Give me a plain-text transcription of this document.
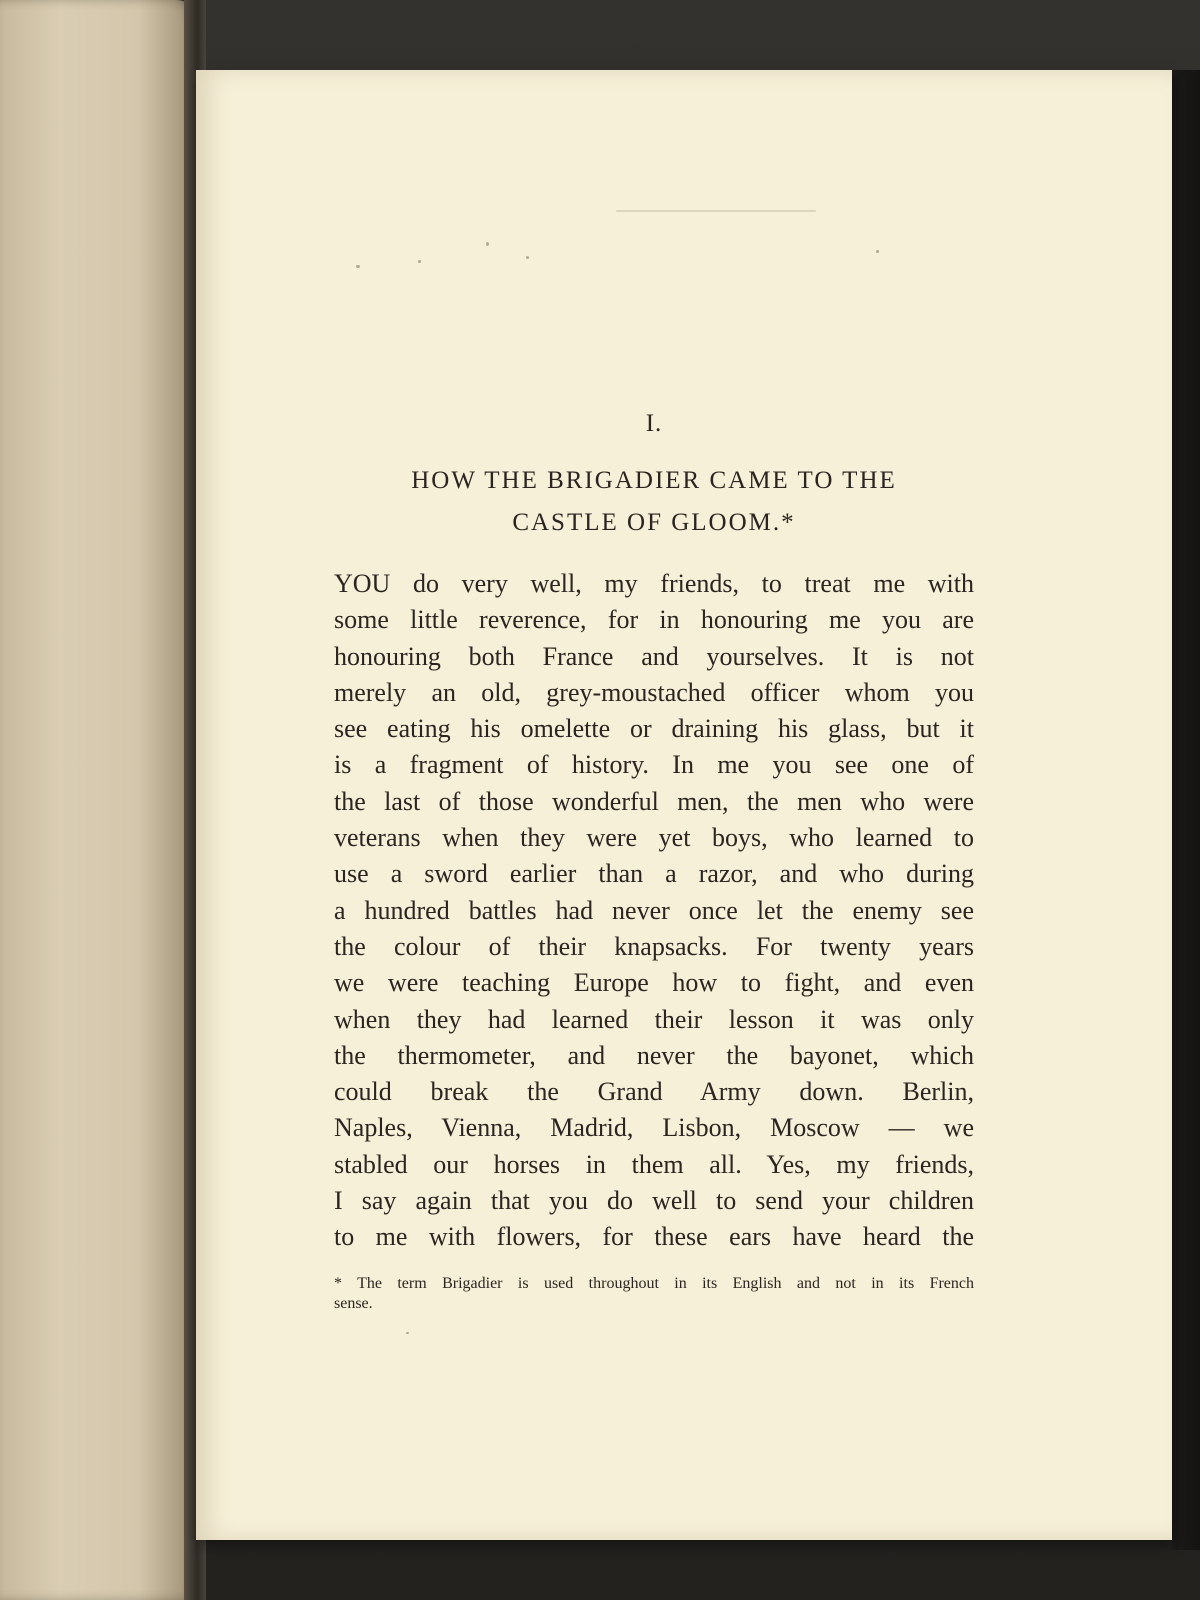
I.
HOW THE BRIGADIER CAME TO THE
CASTLE OF GLOOM.*
YOU do very well, my friends, to treat me with
some little reverence, for in honouring me you are
honouring both France and yourselves. It is not
merely an old, grey-moustached officer whom you
see eating his omelette or draining his glass, but it
is a fragment of history. In me you see one of
the last of those wonderful men, the men who were
veterans when they were yet boys, who learned to
use a sword earlier than a razor, and who during
a hundred battles had never once let the enemy see
the colour of their knapsacks. For twenty years
we were teaching Europe how to fight, and even
when they had learned their lesson it was only
the thermometer, and never the bayonet, which
could break the Grand Army down. Berlin,
Naples, Vienna, Madrid, Lisbon, Moscow — we
stabled our horses in them all. Yes, my friends,
I say again that you do well to send your children
to me with flowers, for these ears have heard the
* The term Brigadier is used throughout in its English and not in its French
sense.
